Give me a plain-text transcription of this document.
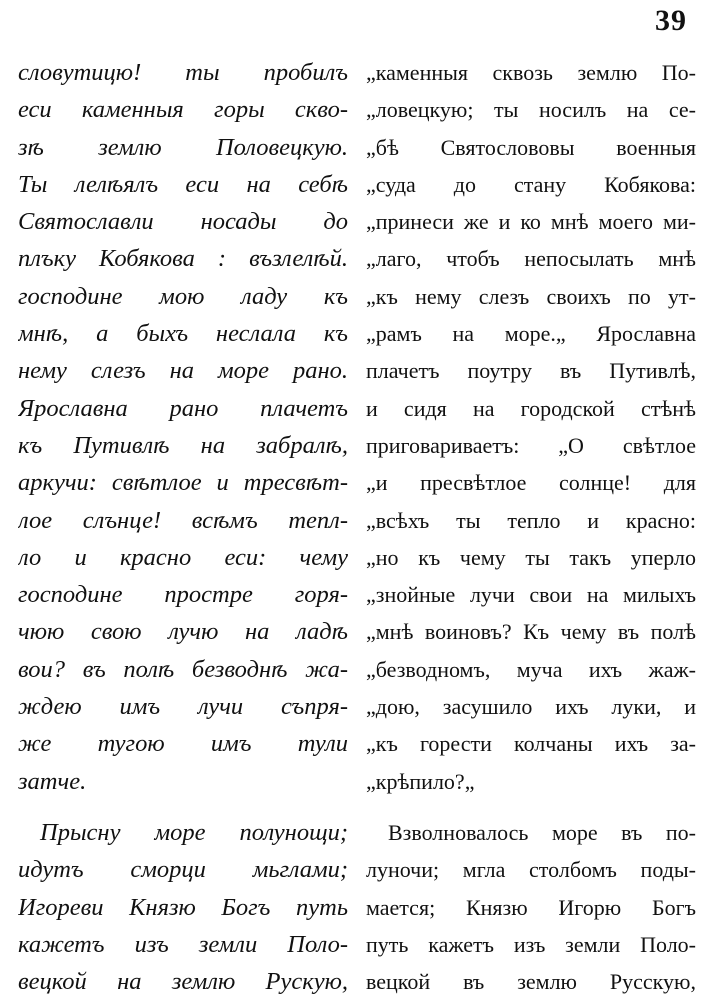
39
словутицю! ты пробилъ
еси каменныя горы скво-
зѣ землю Половецкую.
Ты лелѣялъ еси на себѣ
Святославли носады до
плъку Кобякова : възлелѣй.
господине мою ладу къ
мнѣ, а быхъ неслала къ
нему слезъ на море рано.
Ярославна рано плачетъ
къ Путивлѣ на забралѣ,
аркучи: свѣтлое и тресвѣт-
лое слънце! всѣмъ тепл-
ло и красно еси: чему
господине простре горя-
чюю свою лучю на ладѣ
вои? въ полѣ безводнѣ жа-
ждею имъ лучи съпря-
же тугою имъ тули
затче.
Прысну море полунощи;
идутъ сморци мьглами;
Игореви Князю Богъ путь
кажетъ изъ земли Поло-
вецкой на землю Рускую,
„каменныя сквозь землю По-
„ловецкую; ты носилъ на се-
„бѣ Святослововы военныя
„суда до стану Кобякова:
„принеси же и ко мнѣ моего ми-
„лаго, чтобъ непосылать мнѣ
„къ нему слезъ своихъ по ут-
„рамъ на море.„ Ярославна
плачетъ поутру въ Путивлѣ,
и сидя на городской стѣнѣ
приговариваетъ: „О свѣтлое
„и пресвѣтлое солнце! для
„всѣхъ ты тепло и красно:
„но къ чему ты такъ уперло
„знойные лучи свои на милыхъ
„мнѣ воиновъ? Къ чему въ полѣ
„безводномъ, муча ихъ жаж-
„дою, засушило ихъ луки, и
„къ горести колчаны ихъ за-
„крѣпило?„
Взволновалось море въ по-
луночи; мгла столбомъ поды-
мается; Князю Игорю Богъ
путь кажетъ изъ земли Поло-
вецкой въ землю Русскую,
